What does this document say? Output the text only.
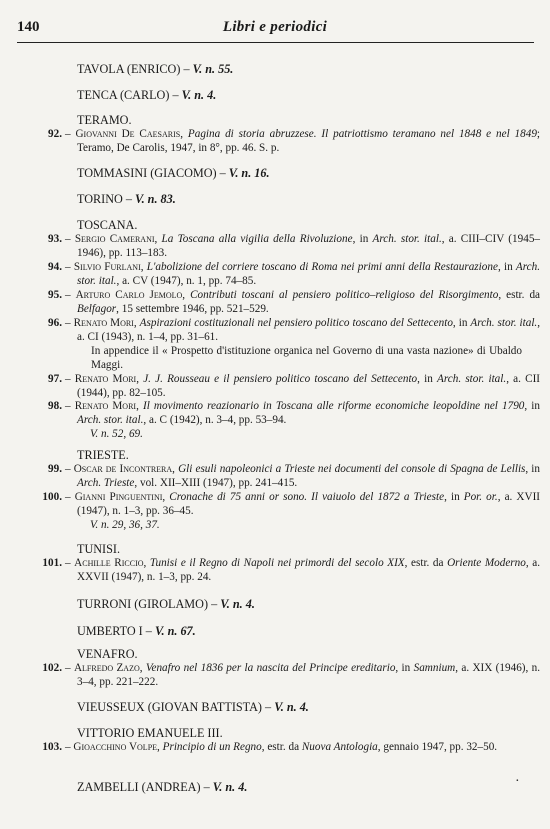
140	Libri e periodici
TAVOLA (ENRICO) – V. n. 55.
TENCA (CARLO) – V. n. 4.
TERAMO.
92. – Giovanni De Caesaris, Pagina di storia abruzzese. Il patriottismo teramano nel 1848 e nel 1849; Teramo, De Carolis, 1947, in 8°, pp. 46. S. p.
TOMMASINI (GIACOMO) – V. n. 16.
TORINO – V. n. 83.
TOSCANA.
93. – Sergio Camerani, La Toscana alla vigilia della Rivoluzione, in Arch. stor. ital., a. CIII–CIV (1945–1946), pp. 113–183.
94. – Silvio Furlani, L'abolizione del corriere toscano di Roma nei primi anni della Restaurazione, in Arch. stor. ital., a. CV (1947), n. 1, pp. 74–85.
95. – Arturo Carlo Jemolo, Contributi toscani al pensiero politico–religioso del Risorgimento, estr. da Belfagor, 15 settembre 1946, pp. 521–529.
96. – Renato Mori, Aspirazioni costituzionali nel pensiero politico toscano del Settecento, in Arch. stor. ital., a. CI (1943), n. 1–4, pp. 31–61.
In appendice il « Prospetto d'istituzione organica nel Governo di una vasta nazione» di Ubaldo Maggi.
97. – Renato Mori, J. J. Rousseau e il pensiero politico toscano del Settecento, in Arch. stor. ital., a. CII (1944), pp. 82–105.
98. – Renato Mori, Il movimento reazionario in Toscana alle riforme economiche leopoldine nel 1790, in Arch. stor. ital., a. C (1942), n. 3–4, pp. 53–94.
V. n. 52, 69.
TRIESTE.
99. – Oscar de Incontrera, Gli esuli napoleonici a Trieste nei documenti del console di Spagna de Lellis, in Arch. Trieste, vol. XII–XIII (1947), pp. 241–415.
100. – Gianni Pinguentini, Cronache di 75 anni or sono. Il vaiuolo del 1872 a Trieste, in Por. or., a. XVII (1947), n. 1–3, pp. 36–45.
V. n. 29, 36, 37.
TUNISI.
101. – Achille Riccio, Tunisi e il Regno di Napoli nei primordi del secolo XIX, estr. da Oriente Moderno, a. XXVII (1947), n. 1–3, pp. 24.
TURRONI (GIROLAMO) – V. n. 4.
UMBERTO I – V. n. 67.
VENAFRO.
102. – Alfredo Zazo, Venafro nel 1836 per la nascita del Principe ereditario, in Samnium, a. XIX (1946), n. 3–4, pp. 221–222.
VIEUSSEUX (GIOVAN BATTISTA) – V. n. 4.
VITTORIO EMANUELE III.
103. – Gioacchino Volpe, Principio di un Regno, estr. da Nuova Antologia, gennaio 1947, pp. 32–50.
ZAMBELLI (ANDREA) – V. n. 4.	·
